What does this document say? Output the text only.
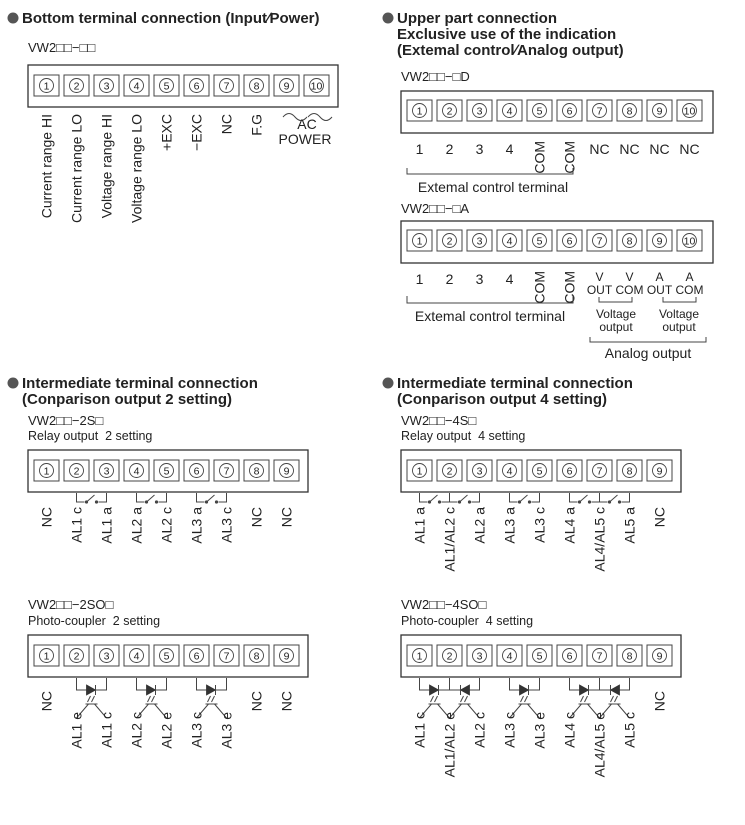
Bottom terminal connection (Input∕Power)
VW2□□−□□
1 2 3 4 5 6 7 8 9 10
Current range HI Current range LO Voltage range HI Voltage range LO +EXC −EXC NC F.G AC
POWER
Upper part connection
Exclusive use of the indication
(Extemal control∕Analog output)
VW2□□−□D
1 2 3 4 5 6 7 8 9 10
1 2 3 4 COM COM NC NC NC NC
Extemal control terminal
VW2□□−□A
1 2 3 4 5 6 7 8 9 10
1 2 3 4 COM COM V
OUT
V
COM
A
OUT
A
COM
Extemal control terminal	Voltage
output
Voltage
output
Analog output
Intermediate terminal connection
(Conparison output 2 setting)
VW2□□−2S□
Relay output  2 setting
1 2 3 4 5 6 7 8 9
NC AL1 c AL1 a AL2 a AL2 c AL3 a AL3 c NC NC
VW2□□−2SO□
Photo-coupler  2 setting
1 2 3 4 5 6 7 8 9
NC
AL1 e AL1 c AL2 c AL2 e AL3 c AL3 e
NC NC
Intermediate terminal connection
(Conparison output 4 setting)
VW2□□−4S□
Relay output  4 setting
1 2 3 4 5 6 7 8 9
AL1 a AL1/AL2 c AL2 a AL3 a AL3 c AL4 a AL4/AL5 c AL5 a NC
VW2□□−4SO□
Photo-coupler  4 setting
1 2 3 4 5 6 7 8 9
AL1 c AL1/AL2 e AL2 c AL3 c AL3 e AL4 c AL4/AL5 e AL5 c
NC
